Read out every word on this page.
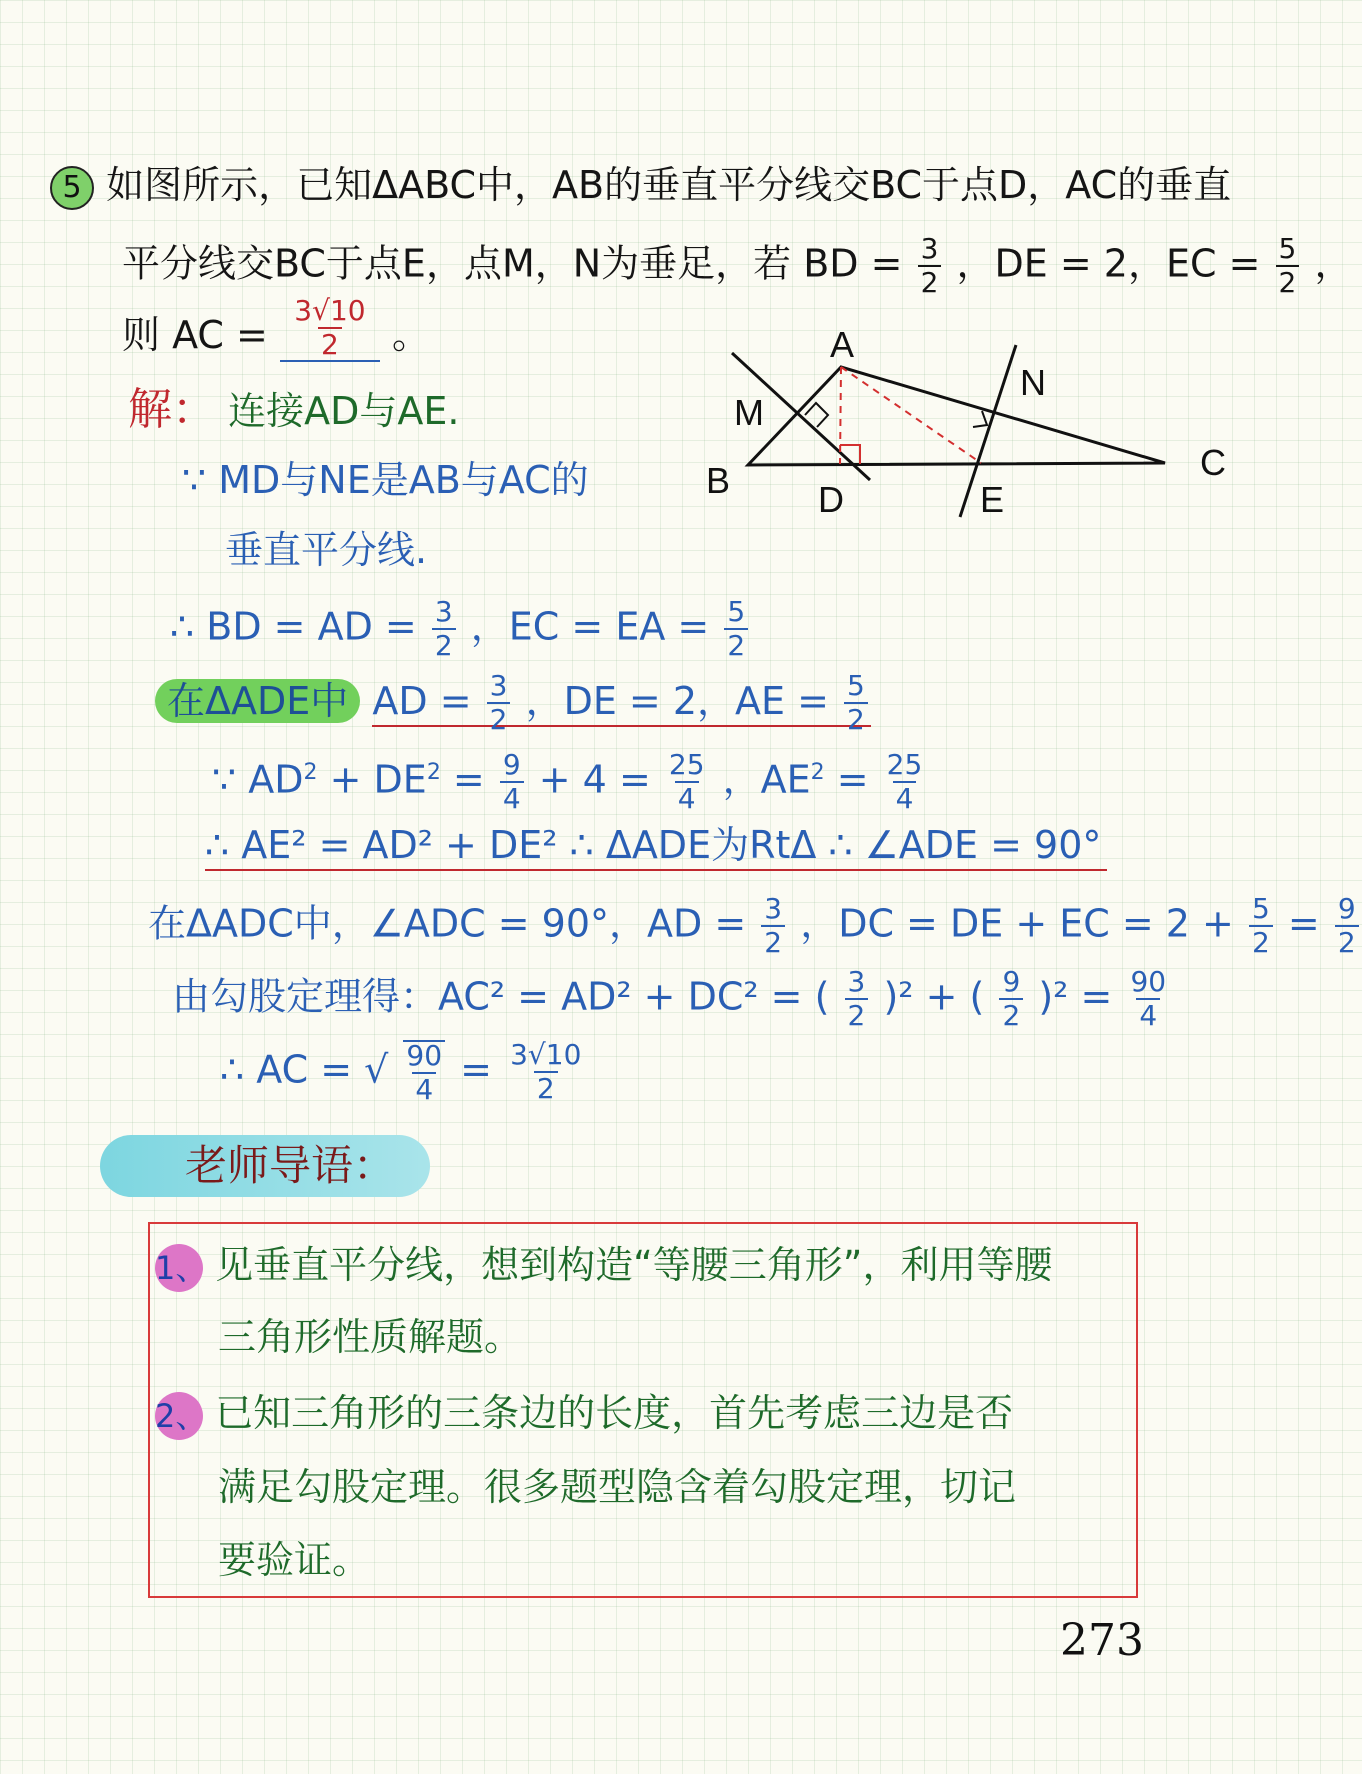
5 如图所示，已知ΔABC中，AB的垂直平分线交BC于点D，AC的垂直
平分线交BC于点E，点M，N为垂足，若 BD = $\frac{3}{2}$ ，DE = 2，EC = $\frac{5}{2}$ ，
则 AC = $\frac{3√10}{2}$ 。	A
B	C
D	E
M
N
解： 连接AD与AE.
∵ MD与NE是AB与AC的
垂直平分线.
∴ BD = AD = $\frac{3}{2}$ ，EC = EA = $\frac{5}{2}$
在ΔADE中 AD = $\frac{3}{2}$ ，DE = 2，AE = $\frac{5}{2}$
∵ $AD^2 + DE^2 = \frac{9}{4} + 4 = \frac{25}{4}$ ，$AE^2 = \frac{25}{4}$
∴ AE² = AD² + DE² ∴ ΔADE为RtΔ ∴ ∠ADE = 90°
在ΔADC中，∠ADC = 90°，AD = $\frac{3}{2}$ ，DC = DE + EC = $2 + \frac{5}{2} = \frac{9}{2}$
由勾股定理得：AC² = AD² + DC² = ( $\frac{3}{2} )^2$ + ( $\frac{9}{2} )^2 = \frac{90}{4}$
∴ AC = √ $\frac{90}{4} = \frac{3√10}{2}$
老师导语：
1、 见垂直平分线，想到构造“等腰三角形”，利用等腰
三角形性质解题。
2、 已知三角形的三条边的长度，首先考虑三边是否
满足勾股定理。很多题型隐含着勾股定理，切记
要验证。
273
